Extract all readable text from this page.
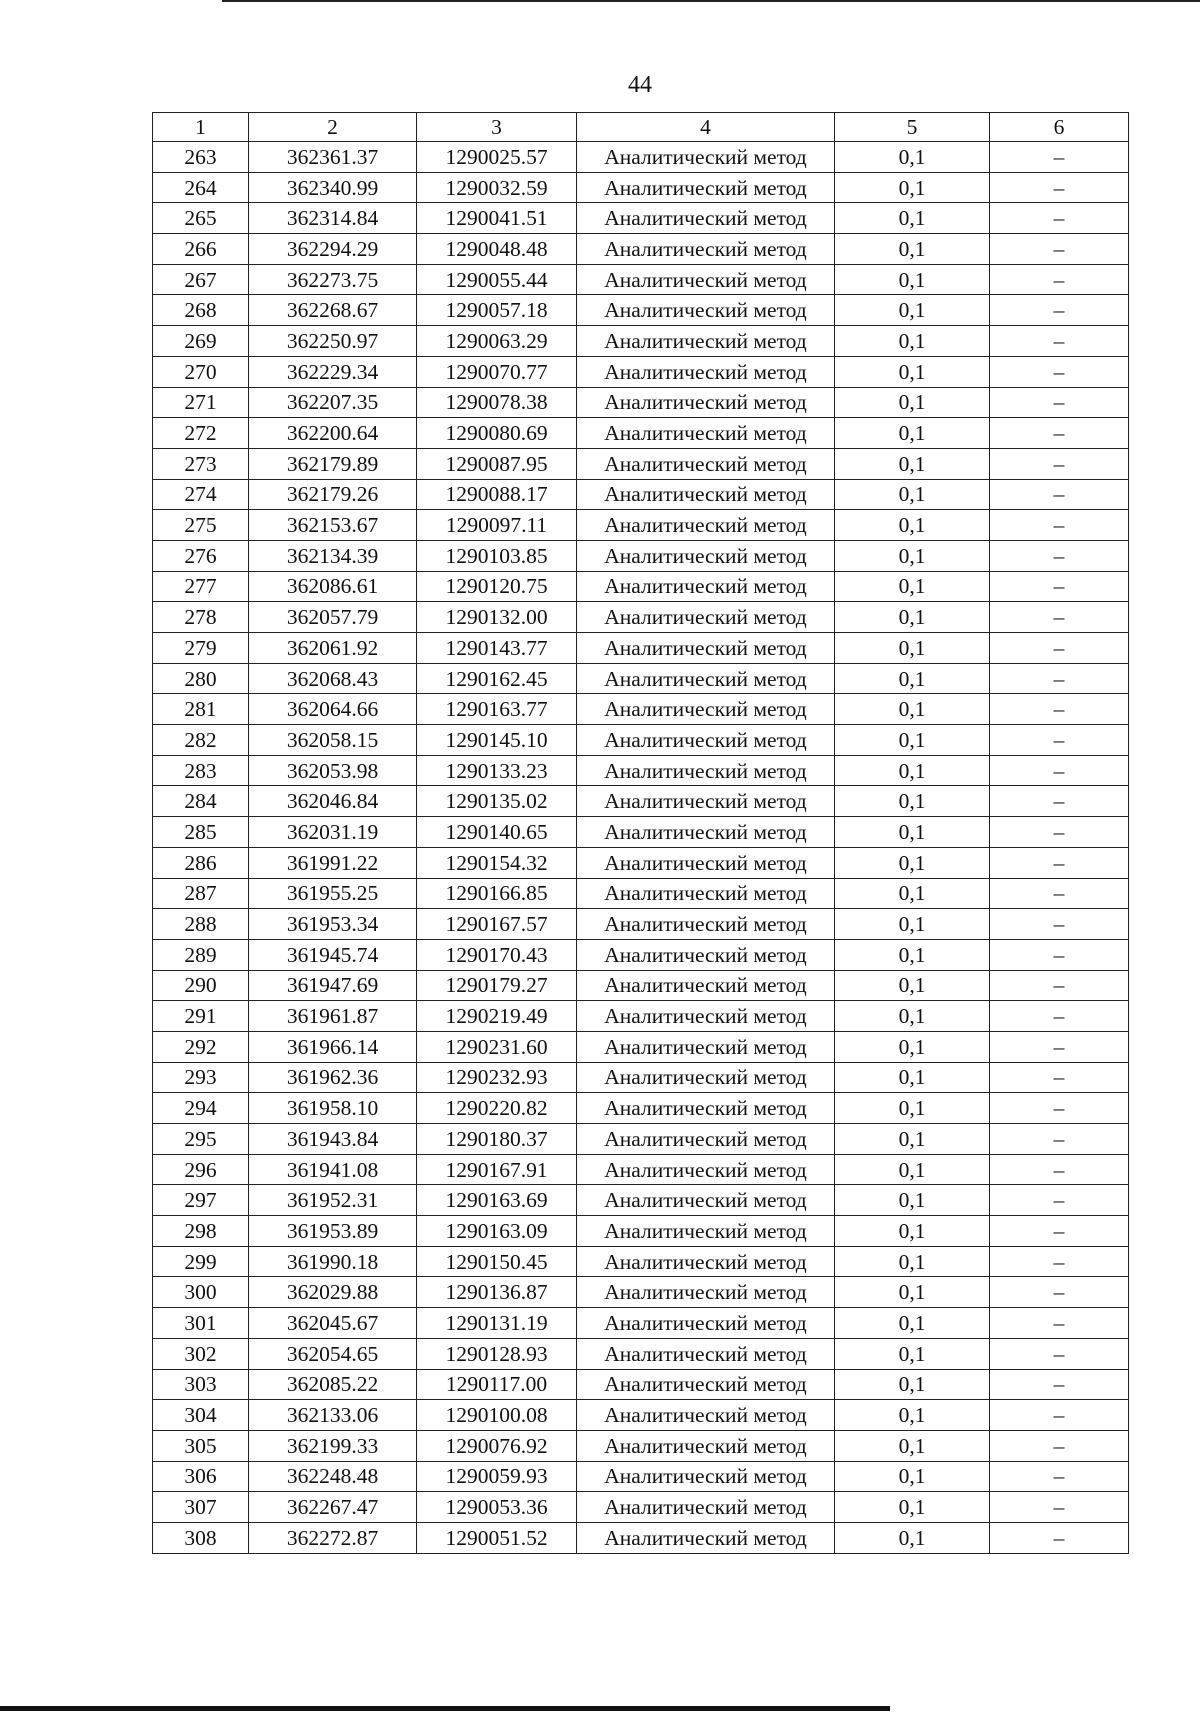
44
1	2	3	4	5	6
263	362361.37	1290025.57	Аналитический метод	0,1	–
264	362340.99	1290032.59	Аналитический метод	0,1	–
265	362314.84	1290041.51	Аналитический метод	0,1	–
266	362294.29	1290048.48	Аналитический метод	0,1	–
267	362273.75	1290055.44	Аналитический метод	0,1	–
268	362268.67	1290057.18	Аналитический метод	0,1	–
269	362250.97	1290063.29	Аналитический метод	0,1	–
270	362229.34	1290070.77	Аналитический метод	0,1	–
271	362207.35	1290078.38	Аналитический метод	0,1	–
272	362200.64	1290080.69	Аналитический метод	0,1	–
273	362179.89	1290087.95	Аналитический метод	0,1	–
274	362179.26	1290088.17	Аналитический метод	0,1	–
275	362153.67	1290097.11	Аналитический метод	0,1	–
276	362134.39	1290103.85	Аналитический метод	0,1	–
277	362086.61	1290120.75	Аналитический метод	0,1	–
278	362057.79	1290132.00	Аналитический метод	0,1	–
279	362061.92	1290143.77	Аналитический метод	0,1	–
280	362068.43	1290162.45	Аналитический метод	0,1	–
281	362064.66	1290163.77	Аналитический метод	0,1	–
282	362058.15	1290145.10	Аналитический метод	0,1	–
283	362053.98	1290133.23	Аналитический метод	0,1	–
284	362046.84	1290135.02	Аналитический метод	0,1	–
285	362031.19	1290140.65	Аналитический метод	0,1	–
286	361991.22	1290154.32	Аналитический метод	0,1	–
287	361955.25	1290166.85	Аналитический метод	0,1	–
288	361953.34	1290167.57	Аналитический метод	0,1	–
289	361945.74	1290170.43	Аналитический метод	0,1	–
290	361947.69	1290179.27	Аналитический метод	0,1	–
291	361961.87	1290219.49	Аналитический метод	0,1	–
292	361966.14	1290231.60	Аналитический метод	0,1	–
293	361962.36	1290232.93	Аналитический метод	0,1	–
294	361958.10	1290220.82	Аналитический метод	0,1	–
295	361943.84	1290180.37	Аналитический метод	0,1	–
296	361941.08	1290167.91	Аналитический метод	0,1	–
297	361952.31	1290163.69	Аналитический метод	0,1	–
298	361953.89	1290163.09	Аналитический метод	0,1	–
299	361990.18	1290150.45	Аналитический метод	0,1	–
300	362029.88	1290136.87	Аналитический метод	0,1	–
301	362045.67	1290131.19	Аналитический метод	0,1	–
302	362054.65	1290128.93	Аналитический метод	0,1	–
303	362085.22	1290117.00	Аналитический метод	0,1	–
304	362133.06	1290100.08	Аналитический метод	0,1	–
305	362199.33	1290076.92	Аналитический метод	0,1	–
306	362248.48	1290059.93	Аналитический метод	0,1	–
307	362267.47	1290053.36	Аналитический метод	0,1	–
308	362272.87	1290051.52	Аналитический метод	0,1	–
